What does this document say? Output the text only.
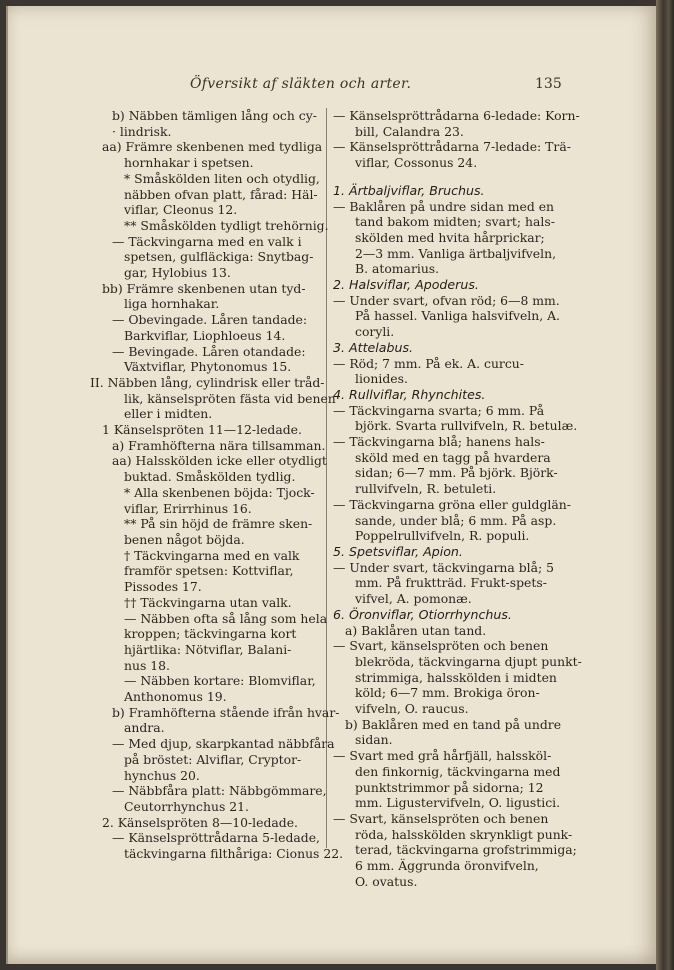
Öfversikt af släkten och arter.	135
b) Näbben tämligen lång och cy-
· lindrisk.
aa) Främre skenbenen med tydliga
hornhakar i spetsen.
* Småskölden liten och otydlig,
näbben ofvan platt, fårad: Häl-
viflar, Cleonus 12.
** Småskölden tydligt trehörnig.
— Täckvingarna med en valk i
spetsen, gulfläckiga: Snytbag-
gar, Hylobius 13.
bb) Främre skenbenen utan tyd-
liga hornhakar.
— Obevingade. Låren tandade:
Barkviflar, Liophloeus 14.
— Bevingade. Låren otandade:
Växtviflar, Phytonomus 15.
II. Näbben lång, cylindrisk eller tråd-
lik, känselspröten fästa vid benen
eller i midten.
1 Känselspröten 11—12-ledade.
a) Framhöfterna nära tillsamman.
aa) Halsskölden icke eller otydligt
buktad. Småskölden tydlig.
* Alla skenbenen böjda: Tjock-
viflar, Erirrhinus 16.
** På sin höjd de främre sken-
benen något böjda.
† Täckvingarna med en valk
framför spetsen: Kottviflar,
Pissodes 17.
†† Täckvingarna utan valk.
— Näbben ofta så lång som hela
kroppen; täckvingarna kort
hjärtlika: Nötviflar, Balani-
nus 18.
— Näbben kortare: Blomviflar,
Anthonomus 19.
b) Framhöfterna stående ifrån hvar-
andra.
— Med djup, skarpkantad näbbfåra
på bröstet: Alviflar, Cryptor-
hynchus 20.
— Näbbfåra platt: Näbbgömmare,
Ceutorrhynchus 21.
2. Känselspröten 8—10-ledade.
— Känselspröttrådarna 5-ledade,
täckvingarna filthåriga: Cionus 22.
— Känselspröttrådarna 6-ledade: Korn-
bill, Calandra 23.
— Känselspröttrådarna 7-ledade: Trä-
viflar, Cossonus 24.
1. Ärtbaljviflar, Bruchus.
— Baklåren på undre sidan med en
tand bakom midten; svart; hals-
skölden med hvita hårprickar;
2—3 mm. Vanliga ärtbaljvifveln,
B. atomarius.
2. Halsviflar, Apoderus.
— Under svart, ofvan röd; 6—8 mm.
På hassel. Vanliga halsvifveln, A.
coryli.
3. Attelabus.
— Röd; 7 mm. På ek. A. curcu-
lionides.
4. Rullviflar, Rhynchites.
— Täckvingarna svarta; 6 mm. På
björk. Svarta rullvifveln, R. betulæ.
— Täckvingarna blå; hanens hals-
sköld med en tagg på hvardera
sidan; 6—7 mm. På björk. Björk-
rullvifveln, R. betuleti.
— Täckvingarna gröna eller guldglän-
sande, under blå; 6 mm. På asp.
Poppelrullvifveln, R. populi.
5. Spetsviflar, Apion.
— Under svart, täckvingarna blå; 5
mm. På fruktträd. Frukt-spets-
vifvel, A. pomonæ.
6. Öronviflar, Otiorrhynchus.
a) Baklåren utan tand.
— Svart, känselspröten och benen
blekröda, täckvingarna djupt punkt-
strimmiga, halsskölden i midten
köld; 6—7 mm. Brokiga öron-
vifveln, O. raucus.
b) Baklåren med en tand på undre
sidan.
— Svart med grå hårfjäll, halssköl-
den finkornig, täckvingarna med
punktstrimmor på sidorna; 12
mm. Ligustervifveln, O. ligustici.
— Svart, känselspröten och benen
röda, halsskölden skrynkligt punk-
terad, täckvingarna grofstrimmiga;
6 mm. Äggrunda öronvifveln,
O. ovatus.
